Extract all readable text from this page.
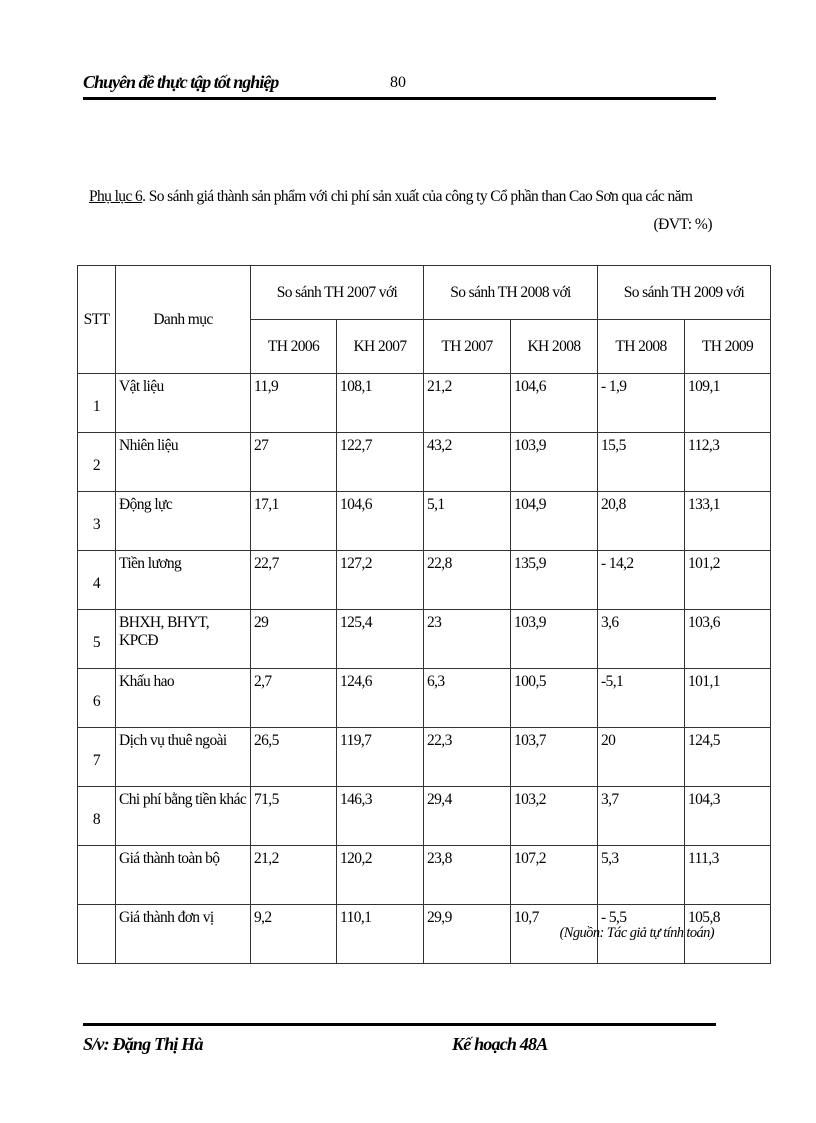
Chuyên đề thực tập tốt nghiệp	80
Phụ lục 6. So sánh giá thành sản phẩm với chi phí sản xuất của công ty Cổ phần than Cao Sơn qua các năm
(ĐVT: %)
STT	Danh mục	So sánh TH 2007 với		So sánh TH 2008 với		So sánh TH 2009 với	
		TH 2006	KH 2007	TH 2007	KH 2008	TH 2008	TH 2009
1	Vật liệu	11,9	108,1	21,2	104,6	- 1,9	109,1
2	Nhiên liệu	27	122,7	43,2	103,9	15,5	112,3
3	Động lực	17,1	104,6	5,1	104,9	20,8	133,1
4	Tiền lương	22,7	127,2	22,8	135,9	- 14,2	101,2
5	BHXH, BHYT, KPCĐ	29	125,4	23	103,9	3,6	103,6
6	Khấu hao	2,7	124,6	6,3	100,5	-5,1	101,1
7	Dịch vụ thuê ngoài	26,5	119,7	22,3	103,7	20	124,5
8	Chi phí bằng tiền khác	71,5	146,3	29,4	103,2	3,7	104,3
	Giá thành toàn bộ	21,2	120,2	23,8	107,2	5,3	111,3
	Giá thành đơn vị	9,2	110,1	29,9	10,7	- 5,5	105,8
(Nguồn: Tác giả tự tính toán)
S/v: Đặng Thị Hà	Kế hoạch 48A
